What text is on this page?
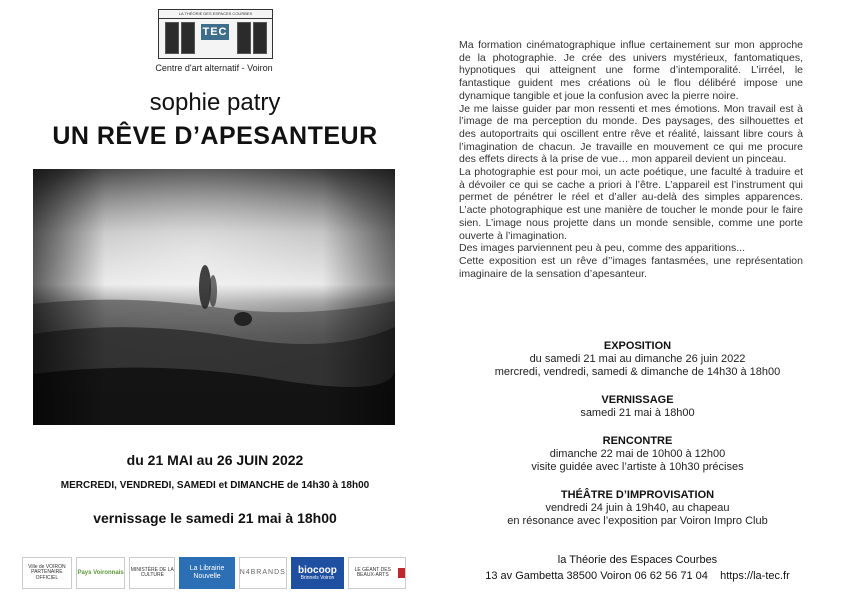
LA THÉORIE DES ESPACES COURBES
TEC
Centre d'art alternatif - Voiron
sophie patry
UN RÊVE D’APESANTEUR
du 21 MAI au 26 JUIN 2022
MERCREDI, VENDREDI, SAMEDI et DIMANCHE de 14h30 à 18h00
vernissage le samedi 21 mai à 18h00
Ville de VOIRON PARTENAIRE OFFICIEL
Pays Voironnais
MINISTÈRE DE LA CULTURE
La Librairie Nouvelle
N4BRANDS biocoop
Brinnels Voiron
LE GÉANT DES BEAUX-ARTS

Ma formation cinématographique influe certainement sur mon approche de la photographie. Je crée des univers mystérieux, fantomatiques, hypnotiques qui atteignent une forme d’intemporalité. L’irréel, le fantastique guident mes créations où le flou délibéré impose une dynamique tangible et joue la confusion avec la pierre noire.

Je me laisse guider par mon ressenti et mes émotions. Mon travail est à l’image de ma perception du monde. Des paysages, des silhouettes et des autoportraits qui oscillent entre rêve et réalité, laissant libre cours à l’imagination de chacun. Je travaille en mouvement ce qui me procure des effets directs à la prise de vue… mon appareil devient un pinceau.

La photographie est pour moi, un acte poétique, une faculté à traduire et à dévoiler ce qui se cache a priori à l’être. L’appareil est l’instrument qui permet de pénétrer le réel et d’aller au-delà des simples apparences. L’acte photographique est une manière de toucher le monde pour le faire sien. L’image nous projette dans un monde sensible, comme une porte ouverte à l’imagination.

Des images parviennent peu à peu, comme des apparitions...

Cette exposition est un rêve d’’images fantasmées, une représentation imaginaire de la sensation d’apesanteur.

EXPOSITION
du samedi 21 mai au dimanche 26 juin 2022
mercredi, vendredi, samedi & dimanche de 14h30 à 18h00
VERNISSAGE
samedi 21 mai à 18h00
RENCONTRE
dimanche 22 mai de 10h00 à 12h00
visite guidée avec l’artiste à 10h30 précises
THÉÂTRE D’IMPROVISATION
vendredi 24 juin à 19h40, au chapeau
en résonance avec l’exposition par Voiron Impro Club
la Théorie des Espaces Courbes
13 av Gambetta 38500 Voiron 06 62 56 71 04    https://la-tec.fr
